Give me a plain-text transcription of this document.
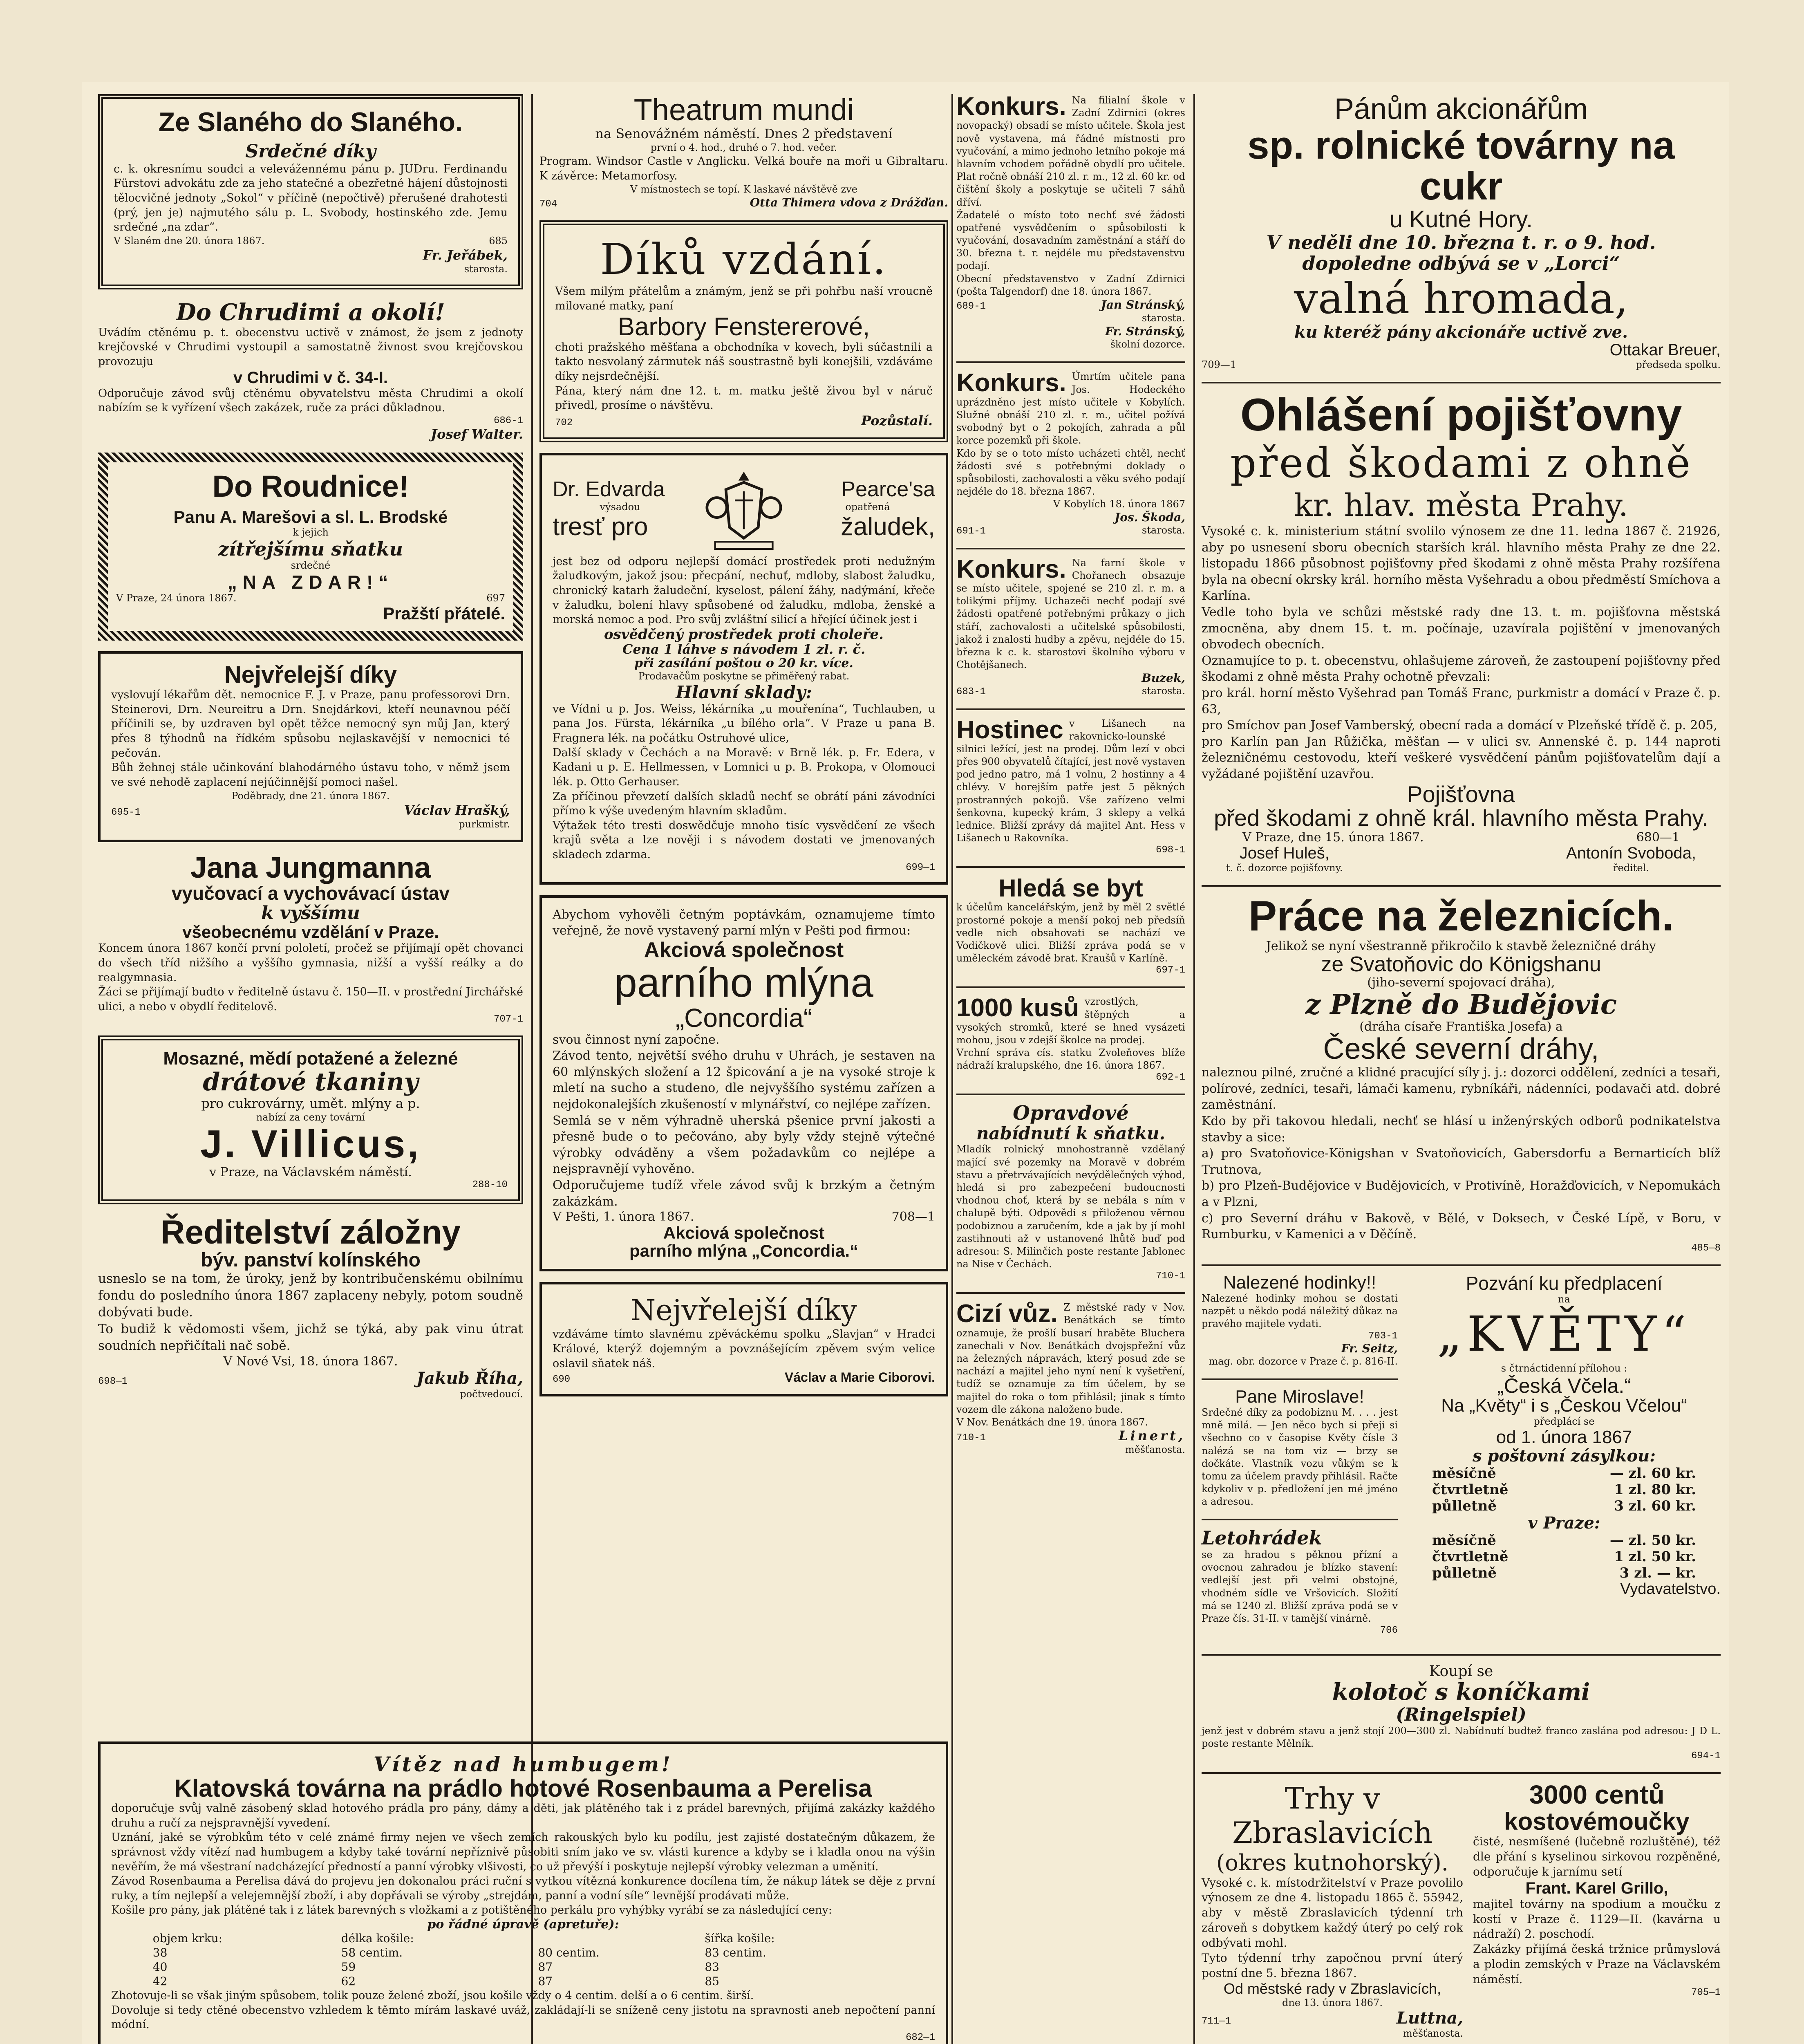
Ze Slaného do Slaného.
Srdečné díky
c. k. okresnímu soudci a velevážennému pánu p. JUDru. Ferdinandu Fürstovi advokátu zde za jeho statečné a obezřetné hájení důstojnosti tělocvičné jednoty „Sokol“ v příčině (nepočtivě) přerušené drahotesti (prý, jen je) najmutého sálu p. L. Svobody, hostinského zde. Jemu srdečné „na zdar“.
V Slaném dne 20. února 1867.	685
Fr. Jeřábek,
starosta.
Do Chrudimi a okolí!
Uvádím ctěnému p. t. obecenstvu uctivě v známost, že jsem z jednoty krejčovské v Chrudimi vystoupil a samostatně živnost svou krejčovskou provozuju
v Chrudimi v č. 34-I.
Odporučuje závod svůj ctěnému obyvatelstvu města Chrudimi a okolí nabízím se k vyřízení všech zakázek, ruče za práci důkladnou.
686-1
Josef Walter.
Do Roudnice!
Panu A. Marešovi a sl. L. Brodské
k jejich
zítřejšímu sňatku
srdečné
„NA ZDAR!“
V Praze, 24 února 1867.	697
Pražští přátelé.
Nejvřelejší díky
vyslovují lékařům dět. nemocnice F. J. v Praze, panu professorovi Drn. Steinerovi, Drn. Neureitru a Drn. Snejdárkovi, kteří neunavnou péčí příčinili se, by uzdraven byl opět těžce nemocný syn můj Jan, který přes 8 týhodnů na řídkém spůsobu nejlaskavější v nemocnici té pečován.
Bůh žehnej stále učinkování blahodárného ústavu toho, v němž jsem ve své nehodě zaplacení nejúčinnější pomoci našel.
Poděbrady, dne 21. února 1867.
695-1	Václav Hrašký,
purkmistr.
Jana Jungmanna
vyučovací a vychovávací ústav
k vyššímu
všeobecnému vzdělání v Praze.
Koncem února 1867 končí první pololetí, pročež se přijímají opět chovanci do všech tříd nižšího a vyššího gymnasia, nižší a vyšší reálky a do realgymnasia.
Žáci se přijímají budto v ředitelně ústavu č. 150—II. v prostřední Jirchářské ulici, a nebo v obydlí ředitelově.
707-1
Mosazné, mědí potažené a železné
drátové tkaniny
pro cukrovárny, umět. mlýny a p.
nabízí za ceny tovární
J. Villicus,
v Praze, na Václavském náměstí.
288-10
Ředitelství záložny
býv. panství kolínského
usneslo se na tom, že úroky, jenž by kontribučenskému obilnímu fondu do posledního února 1867 zaplaceny nebyly, potom soudně dobývati bude.
To budiž k vědomosti všem, jichž se týká, aby pak vinu útrat soudních nepřičítali nač sobě.
V Nové Vsi, 18. února 1867.
698—1	Jakub Říha,
počtvedoucí.
Theatrum mundi
na Senovážném náměstí. Dnes 2 představení
první o 4. hod., druhé o 7. hod. večer.
Program. Windsor Castle v Anglicku. Velká bouře na moři u Gibraltaru. K závěrce: Metamorfosy.
V místnostech se topí. K laskavé návštěvě zve
704	Otta Thimera vdova z Drážďan.
Díků vzdání.
Všem milým přátelům a známým, jenž se při pohřbu naší vroucně milované matky, paní
Barbory Fenstererové,
choti pražského měšťana a obchodníka v kovech, byli súčastnili a takto nesvolaný zármutek náš soustrastně byli konejšili, vzdáváme díky nejsrdečnější.
Pána, který nám dne 12. t. m. matku ještě živou byl v náruč přivedl, prosíme o návštěvu.
702	Pozůstalí.
Dr. Edvarda
výsadou
tresť pro
Pearce'sa
opatřená
žaludek,
jest bez od odporu nejlepší domácí prostředek proti nedužným žaludkovým, jakož jsou: přecpání, nechuť, mdloby, slabost žaludku, chronický katarh žaludeční, kyselost, pálení žáhy, nadýmání, křeče v žaludku, bolení hlavy spůsobené od žaludku, mdloba, ženské a morská nemoc a pod. Pro svůj zvláštní silicí a hřející účinek jest i
osvědčený prostředek proti choleře.
Cena 1 láhve s návodem 1 zl. r. č.
při zasílání poštou o 20 kr. více.
Prodavačům poskytne se přiměřený rabat.
Hlavní sklady:
ve Vídni u p. Jos. Weiss, lékárníka „u mouřenína“, Tuchlauben, u pana Jos. Fürsta, lékárníka „u bílého orla“. V Praze u pana B. Fragnera lék. na počátku Ostruhové ulice,
Další sklady v Čechách a na Moravě: v Brně lék. p. Fr. Edera, v Kadani u p. E. Hellmessen, v Lomnici u p. B. Prokopa, v Olomouci lék. p. Otto Gerhauser.
Za příčinou převzetí dalších skladů nechť se obrátí páni závodníci přímo k výše uvedeným hlavním skladům.
Výtažek této tresti doswědčuje mnoho tisíc vysvědčení ze všech krajů světa a lze nověji i s návodem dostati ve jmenovaných skladech zdarma.
699—1
Abychom vyhověli četným poptávkám, oznamujeme tímto veřejně, že nově vystavený parní mlýn v Pešti pod firmou:
Akciová společnost
parního mlýna
„Concordia“
svou činnost nyní započne.
Závod tento, největší svého druhu v Uhrách, je sestaven na 60 mlýnských složení a 12 špicování a je na vysoké stroje k mletí na sucho a studeno, dle nejvyššího systému zařízen a nejdokonalejších zkušeností v mlynářství, co nejlépe zařízen.
Semlá se v něm výhradně uherská pšenice první jakosti a přesně bude o to pečováno, aby byly vždy stejně výtečné výrobky odváděny a všem požadavkům co nejlépe a nejspravnějí vyhověno.
Odporučujeme tudíž vřele závod svůj k brzkým a četným zakázkám.
V Pešti, 1. února 1867.	708—1
Akciová společnost
parního mlýna „Concordia.“
Nejvřelejší díky
vzdáváme tímto slavnému zpěváckému spolku „Slavjan“ v Hradci Králové, kterýž dojemným a povznášejícím zpěvem svým velice oslavil sňatek náš.
690	Václav a Marie Ciborovi.
Konkurs. Na filialní škole v Zadní Zdirnici (okres novopacký) obsadí se místo učitele. Škola jest nově vystavena, má řádné místnosti pro vyučování, a mimo jednoho letního pokoje má hlavním vchodem pořádně obydlí pro učitele. Plat ročně obnáší 210 zl. r. m., 12 zl. 60 kr. od čištění školy a poskytuje se učiteli 7 sáhů dříví.
Žadatelé o místo toto nechť své žádosti opatřené vysvědčením o spůsobilosti k vyučování, dosavadním zaměstnání a stáří do 30. března t. r. nejdéle mu představenstvu podají.
Obecní představenstvo v Zadní Zdirnici (pošta Talgendorf) dne 18. února 1867.
689-1	Jan Stránský,
starosta.
Fr. Stránský,
školní dozorce.
Konkurs. Úmrtím učitele pana Jos. Hodeckého uprázdněno jest místo učitele v Kobylích. Služné obnáší 210 zl. r. m., učitel požívá svobodný byt o 2 pokojích, zahrada a půl korce pozemků při škole.
Kdo by se o toto místo ucházeti chtěl, nechť žádosti své s potřebnými doklady o spůsobilosti, zachovalosti a věku svého podají nejdéle do 18. března 1867.
V Kobylích 18. února 1867
Jos. Škoda,
691-1	starosta.
Konkurs. Na farní škole v Chořanech obsazuje se místo učitele, spojené se 210 zl. r. m. a tolikými příjmy. Uchazeči nechť podají své žádosti opatřené potřebnými průkazy o jich stáří, zachovalosti a učitelské spůsobilosti, jakož i znalosti hudby a zpěvu, nejdéle do 15. března k c. k. starostovi školního výboru v Chotějšanech.
Buzek,
683-1	starosta.
Hostinec v Lišanech na rakovnicko-lounské silnici ležící, jest na prodej. Dům lezí v obci přes 900 obyvatelů čítající, jest nově vystaven pod jedno patro, má 1 volnu, 2 hostinny a 4 chlévy. V horejším patře jest 5 pěkných prostranných pokojů. Vše zařízeno velmi šenkovna, kupecký krám, 3 sklepy a velká lednice. Bližší zprávy dá majitel Ant. Hess v Lišanech u Rakovníka.
698-1
Hledá se byt
k účelům kancelářským, jenž by měl 2 světlé prostorné pokoje a menší pokoj neb předsíň vedle nich obsahovati se nachází ve Vodičkově ulici. Bližší zpráva podá se v uměleckém závodě brat. Kraušů v Karlíně.
697-1
1000 kusů vzrostlých, štěpných a vysokých stromků, které se hned vysázeti mohou, jsou v zdejší školce na prodej.
Vrchní správa cís. statku Zvoleňoves blíže nádraží kralupského, dne 16. února 1867.
692-1
Opravdové
nabídnutí k sňatku.
Mladík rolnický mnohostranně vzdělaný mající své pozemky na Moravě v dobrém stavu a přetrvávajících nevýdělečných výhod, hledá si pro zabezpečení budoucnosti vhodnou choť, která by se nebála s ním v chalupě býti. Odpovědi s přiloženou věrnou podobiznou a zaručením, kde a jak by jí mohl zastihnouti až v ustanovené lhůtě buď pod adresou: S. Milinčich poste restante Jablonec na Nise v Čechách.
710-1
Cizí vůz. Z městské rady v Nov. Benátkách se tímto oznamuje, že prošlí busarí hraběte Bluchera zanechali v Nov. Benátkách dvojspřežní vůz na železných nápravách, který posud zde se nachází a majitel jeho nyní není k vyšetření, tudíž se oznamuje za tím účelem, by se majitel do roka o tom přihlásil; jinak s tímto vozem dle zákona naloženo bude.
V Nov. Benátkách dne 19. února 1867.
710-1	Linert,
měšťanosta.
Pánům akcionářům
sp. rolnické továrny na cukr
u Kutné Hory.
V neděli dne 10. března t. r. o 9. hod.
dopoledne odbývá se v „Lorci“
valná hromada,
ku kteréž pány akcionáře uctivě zve.
Ottakar Breuer,
709—1	předseda spolku.
Ohlášení pojišťovny
před škodami z ohně
kr. hlav. města Prahy.
Vysoké c. k. ministerium státní svolilo výnosem ze dne 11. ledna 1867 č. 21926, aby po usnesení sboru obecních starších král. hlavního města Prahy ze dne 22. listopadu 1866 působnost pojišťovny před škodami z ohně města Prahy rozšířena byla na obecní okrsky král. horního města Vyšehradu a obou předměstí Smíchova a Karlína.
Vedle toho byla ve schůzi městské rady dne 13. t. m. pojišťovna městská zmocněna, aby dnem 15. t. m. počínaje, uzavírala pojištění v jmenovaných obvodech obecních.
Oznamujíce to p. t. obecenstvu, ohlašujeme zároveň, že zastoupení pojišťovny před škodami z ohně města Prahy ochotně převzali:
pro král. horní město Vyšehrad pan Tomáš Franc, purkmistr a domácí v Praze č. p. 63,
pro Smíchov pan Josef Vamberský, obecní rada a domácí v Plzeňské třídě č. p. 205,
pro Karlín pan Jan Růžička, měšťan — v ulici sv. Annenské č. p. 144 naproti železničnému cestovodu, kteří veškeré vysvědčení pánům pojišťovatelům dají a vyžádané pojištění uzavřou.
Pojišťovna
před škodami z ohně král. hlavního města Prahy.
V Praze, dne 15. února 1867.	680—1
Josef Huleš,
t. č. dozorce pojišťovny.
Antonín Svoboda,
ředitel.
Práce na železnicích.
Jelikož se nyní všestranně přikročilo k stavbě železničné dráhy
ze Svatoňovic do Königshanu
(jiho-severní spojovací dráha),
z Plzně do Budějovic
(dráha císaře Františka Josefa) a
České severní dráhy,
naleznou pilné, zručné a klidné pracující síly j. j.: dozorci oddělení, zedníci a tesaři, polírové, zedníci, tesaři, lámači kamenu, rybníkáři, nádenníci, podavači atd. dobré zaměstnání.
Kdo by při takovou hledali, nechť se hlásí u inženýrských odborů podnikatelstva stavby a sice:
a) pro Svatoňovice-Königshan v Svatoňovicích, Gabersdorfu a Bernarticích blíž Trutnova,
b) pro Plzeň-Budějovice v Budějovicích, v Protivíně, Horažďovicích, v Nepomukách a v Plzni,
c) pro Severní dráhu v Bakově, v Bělé, v Doksech, v České Lípě, v Boru, v Rumburku, v Kamenici a v Děčíně.
485—8
Nalezené hodinky!!
Nalezené hodinky mohou se dostati nazpět u někdo podá náležitý důkaz na pravého majitele vydati.
703-1
Fr. Seitz,
mag. obr. dozorce v Praze č. p. 816-II.
Pane Miroslave!
Srdečné díky za podobiznu M. . . . jest mně milá. — Jen něco bych si přeji si všechno co v časopise Květy čísle 3 nalézá se na tom viz — brzy se dočkáte. Vlastník vozu vůkým se k tomu za účelem pravdy přihlásil. Račte kdykoliv v p. předložení jen mé jméno a adresou.
Letohrádek
se za hradou s pěknou přízní a ovocnou zahradou je blízko stavení: vedlejší jest při velmi obstojné, vhodném sídle ve Vršovicích. Složití má se 1240 zl. Bližší zpráva podá se v Praze čís. 31-II. v tamější vinárně.
706
Pozvání ku předplacení
na
„KVĚTY“
s čtrnáctidenní přílohou :
„Česká Včela.“
Na „Květy“ i s „Českou Včelou“
předplácí se
od 1. února 1867
s poštovní zásylkou:
měsíčně	— zl. 60 kr.
čtvrtletně	1 zl. 80 kr.
půlletně	3 zl. 60 kr.
v Praze:
měsíčně	— zl. 50 kr.
čtvrtletně	1 zl. 50 kr.
půlletně	3 zl. — kr.
Vydavatelstvo.
Koupí se
kolotoč s koníčkami
(Ringelspiel)
jenž jest v dobrém stavu a jenž stojí 200—300 zl. Nabídnutí budtež franco zaslána pod adresou: J D L. poste restante Mělník.
694-1
Trhy v Zbraslavicích
(okres kutnohorský).
Vysoké c. k. místodržitelství v Praze povolilo výnosem ze dne 4. listopadu 1865 č. 55942, aby v městě Zbraslavicích týdenní trh zároveň s dobytkem každý úterý po celý rok odbývati mohl.
Tyto týdenní trhy započnou první úterý postní dne 5. března 1867.
Od městské rady v Zbraslavicích,
dne 13. února 1867.
711—1	Luttna,
měšťanosta.
3000 centů
kostovémoučky
čisté, nesmíšené (lučebně rozluštěné), též dle přání s kyselinou sirkovou rozpěněné, odporučuje k jarnímu setí
Frant. Karel Grillo,
majitel továrny na spodium a moučku z kostí v Praze č. 1129—II. (kavárna u nádraží) 2. poschodí.
Zakázky přijímá česká tržnice průmyslová a plodin zemských v Praze na Václavském náměstí.
705—1
Vítěz nad humbugem!
Klatovská továrna na prádlo hotové Rosenbauma a Perelisa
doporučuje svůj valně zásobený sklad hotového prádla pro pány, dámy a děti, jak plátěného tak i z prádel barevných, přijímá zakázky každého druhu a ručí za nejspravnější vyvedení.
Uznání, jaké se výrobkům této v celé známé firmy nejen ve všech zemích rakouských bylo ku podílu, jest zajisté dostatečným důkazem, že správnost vždy vítězí nad humbugem a kdyby také tovární nepříznivě působiti sním jako ve sv. vlásti kurence a kdyby se i kladla onou na výšin nevěřím, že má všestraní nadcházející předností a panní výrobky vlšivosti, co už převýší i poskytuje nejlepší výrobky velezman a uměnití.
Závod Rosenbauma a Perelisa dává do projevu jen dokonalou práci ruční s vytkou vítězná konkurence docílena tím, že nákup látek se děje z první ruky, a tím nejlepší a velejemnější zboží, i aby dopřávali se výroby „strejdám, panní a vodní síle“ levnější prodávati může.
Košile pro pány, jak plátěné tak i z látek barevných s vložkami a z potištěného perkálu pro vyhýbky vyrábí se za následující ceny:
po řádné úpravě (apretuře):
objem krku:	délka košile:		šířka košile:
38	58 centim.	80 centim.	83 centim.
40	59	87	83
42	62	87	85
Zhotovuje-li se však jiným spůsobem, tolik pouze želené zboží, jsou košile vždy o 4 centim. delší a o 6 centim. širší.
Dovoluje si tedy ctěné obecenstvo vzhledem k těmto mírám laskavé uváž, zakládají-li se sníženě ceny jistotu na spravnosti aneb nepočtení panní módní.
682—1
